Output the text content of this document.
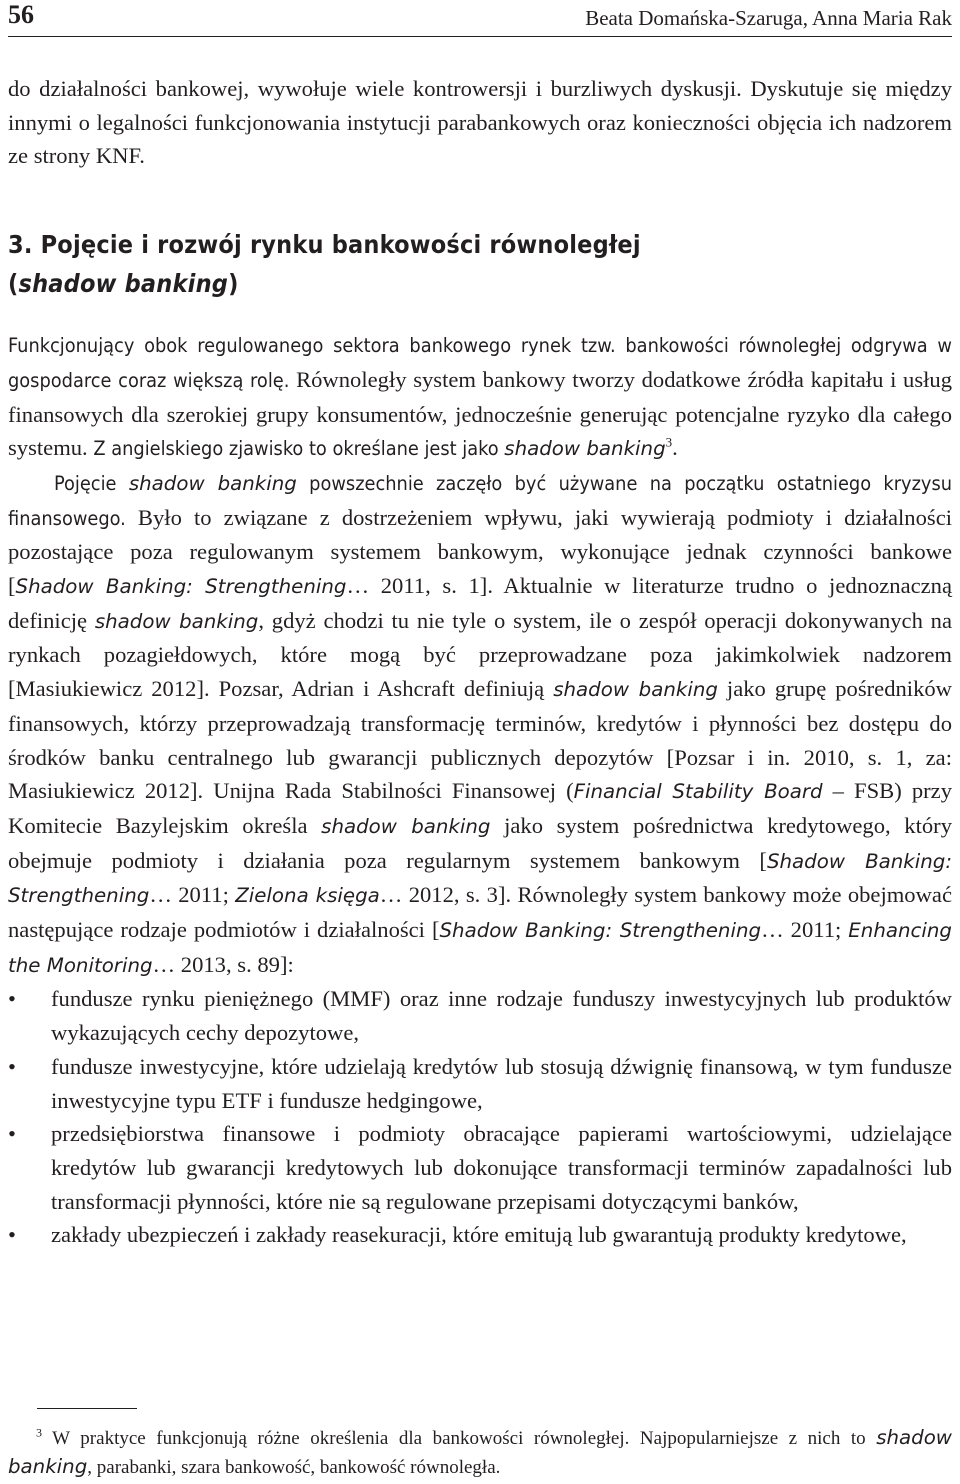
56	Beata Domańska-Szaruga, Anna Maria Rak

do działalności bankowej, wywołuje wiele kontrowersji i burzliwych dyskusji. Dyskutuje się między innymi o legalności funkcjonowania instytucji parabankowych oraz konieczności objęcia ich nadzorem ze strony KNF.

3. Pojęcie i rozwój rynku bankowości równoległej
(shadow banking)

Funkcjonujący obok regulowanego sektora bankowego rynek tzw. bankowości równoległej odgrywa w gospodarce coraz większą rolę. Równoległy system bankowy tworzy dodatkowe źródła kapitału i usług finansowych dla szerokiej grupy konsumentów, jednocześnie generując potencjalne ryzyko dla całego systemu. Z angielskiego zjawisko to określane jest jako shadow banking$^3$.

Pojęcie shadow banking powszechnie zaczęło być używane na początku ostatniego kryzysu finansowego. Było to związane z dostrzeżeniem wpływu, jaki wywierają podmioty i działalności pozostające poza regulowanym systemem bankowym, wykonujące jednak czynności bankowe [Shadow Banking: Strengthening… 2011, s. 1]. Aktualnie w literaturze trudno o jednoznaczną definicję shadow banking, gdyż chodzi tu nie tyle o system, ile o zespół operacji dokonywanych na rynkach pozagiełdowych, które mogą być przeprowadzane poza jakimkolwiek nadzorem [Masiukiewicz 2012]. Pozsar, Adrian i Ashcraft definiują shadow banking jako grupę pośredników finansowych, którzy przeprowadzają transformację terminów, kredytów i płynności bez dostępu do środków banku centralnego lub gwarancji publicznych depozytów [Pozsar i in. 2010, s. 1, za: Masiukiewicz 2012]. Unijna Rada Stabilności Finansowej (Financial Stability Board – FSB) przy Komitecie Bazylejskim określa shadow banking jako system pośrednictwa kredytowego, który obejmuje podmioty i działania poza regularnym systemem bankowym [Shadow Banking: Strengthening… 2011; Zielona księga… 2012, s. 3]. Równoległy system bankowy może obejmować następujące rodzaje podmiotów i działalności [Shadow Banking: Strengthening… 2011; Enhancing the Monitoring… 2013, s. 89]:

• fundusze rynku pieniężnego (MMF) oraz inne rodzaje funduszy inwestycyjnych lub produktów wykazujących cechy depozytowe,
• fundusze inwestycyjne, które udzielają kredytów lub stosują dźwignię finansową, w tym fundusze inwestycyjne typu ETF i fundusze hedgingowe,
• przedsiębiorstwa finansowe i podmioty obracające papierami wartościowymi, udzielające kredytów lub gwarancji kredytowych lub dokonujące transformacji terminów zapadalności lub transformacji płynności, które nie są regulowane przepisami dotyczącymi banków,
• zakłady ubezpieczeń i zakłady reasekuracji, które emitują lub gwarantują produkty kredytowe,

$^3$ W praktyce funkcjonują różne określenia dla bankowości równoległej. Najpopularniejsze z nich to shadow banking, parabanki, szara bankowość, bankowość równoległa.
